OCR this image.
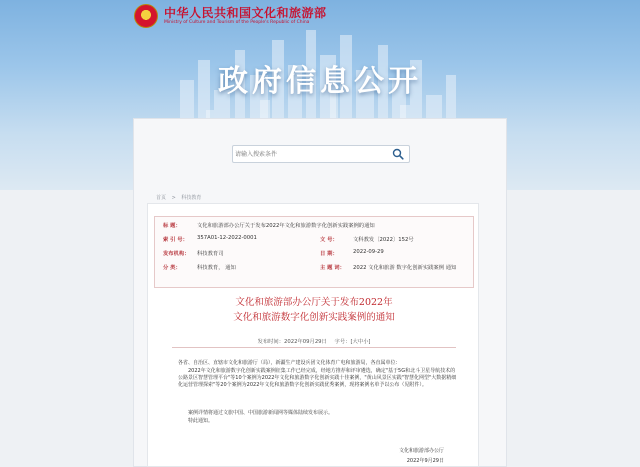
中华人民共和国文化和旅游部
Ministry of Culture and Tourism of the People's Republic of China
政府信息公开
请输入搜索条件
首页 > 科技教育
标 题：	文化和旅游部办公厅关于发布2022年文化和旅游数字化创新实践案例的通知
索 引 号： 357A01-12-2022-0001	文 号：	文科教发〔2022〕152号
发布机构： 科技教育司	日 期：	2022-09-29
分 类：	科技教育， 通知	主 题 词： 2022 文化和旅游 数字化创新实践案例 通知
文化和旅游部办公厅关于发布2022年
文化和旅游数字化创新实践案例的通知
发布时间：2022年09月29日 字号：[大中小]
各省、自治区、直辖市文化和旅游厅（局），新疆生产建设兵团文化体育广电和旅游局，各直属单位：
2022年文化和旅游数字化创新实践案例征集工作已经完成，经地方推荐和评审遴选，确定"基于5G和北斗卫星导航技术的公路景区智慧管理平台"等10个案例为2022年文化和旅游数字化创新实践十佳案例，"黄山风景区实践"智慧化网型"大数据精细化运营管理探索"等20个案例为2022年文化和旅游数字化创新实践优秀案例，现将案例名单予以公布（见附件）。
案例详情将通过文旅中国、中国旅游新闻网等媒体陆续发布展示。
特此通知。
文化和旅游部办公厅
2022年9月29日
